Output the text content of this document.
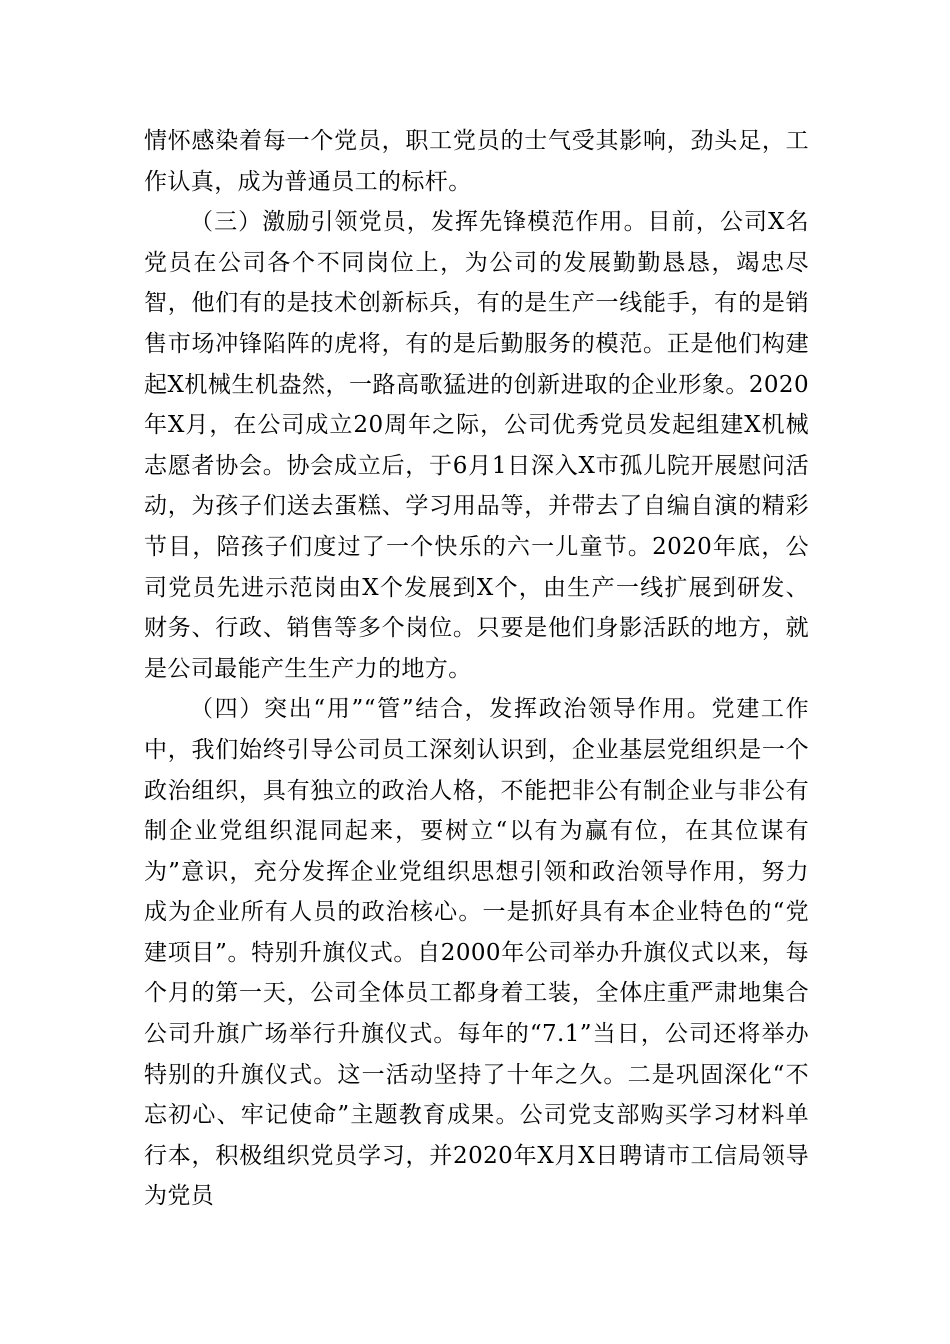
情怀感染着每一个党员，职工党员的士气受其影响，劲头足，工作认真，成为普通员工的标杆。

（三）激励引领党员，发挥先锋模范作用。目前，公司X名党员在公司各个不同岗位上，为公司的发展勤勤恳恳，竭忠尽智，他们有的是技术创新标兵，有的是生产一线能手，有的是销售市场冲锋陷阵的虎将，有的是后勤服务的模范。正是他们构建起X机械生机盎然，一路高歌猛进的创新进取的企业形象。2020年X月，在公司成立20周年之际，公司优秀党员发起组建X机械志愿者协会。协会成立后，于6月1日深入X市孤儿院开展慰问活动，为孩子们送去蛋糕、学习用品等，并带去了自编自演的精彩节目，陪孩子们度过了一个快乐的六一儿童节。2020年底，公司党员先进示范岗由X个发展到X个，由生产一线扩展到研发、财务、行政、销售等多个岗位。只要是他们身影活跃的地方，就是公司最能产生生产力的地方。

（四）突出“用”“管”结合，发挥政治领导作用。党建工作中，我们始终引导公司员工深刻认识到，企业基层党组织是一个政治组织，具有独立的政治人格，不能把非公有制企业与非公有制企业党组织混同起来，要树立“以有为赢有位，在其位谋有为”意识，充分发挥企业党组织思想引领和政治领导作用，努力成为企业所有人员的政治核心。一是抓好具有本企业特色的“党建项目”。特别升旗仪式。自2000年公司举办升旗仪式以来，每个月的第一天，公司全体员工都身着工装，全体庄重严肃地集合公司升旗广场举行升旗仪式。每年的“7.1”当日，公司还将举办特别的升旗仪式。这一活动坚持了十年之久。二是巩固深化“不忘初心、牢记使命”主题教育成果。公司党支部购买学习材料单行本，积极组织党员学习，并2020年X月X日聘请市工信局领导为党员
